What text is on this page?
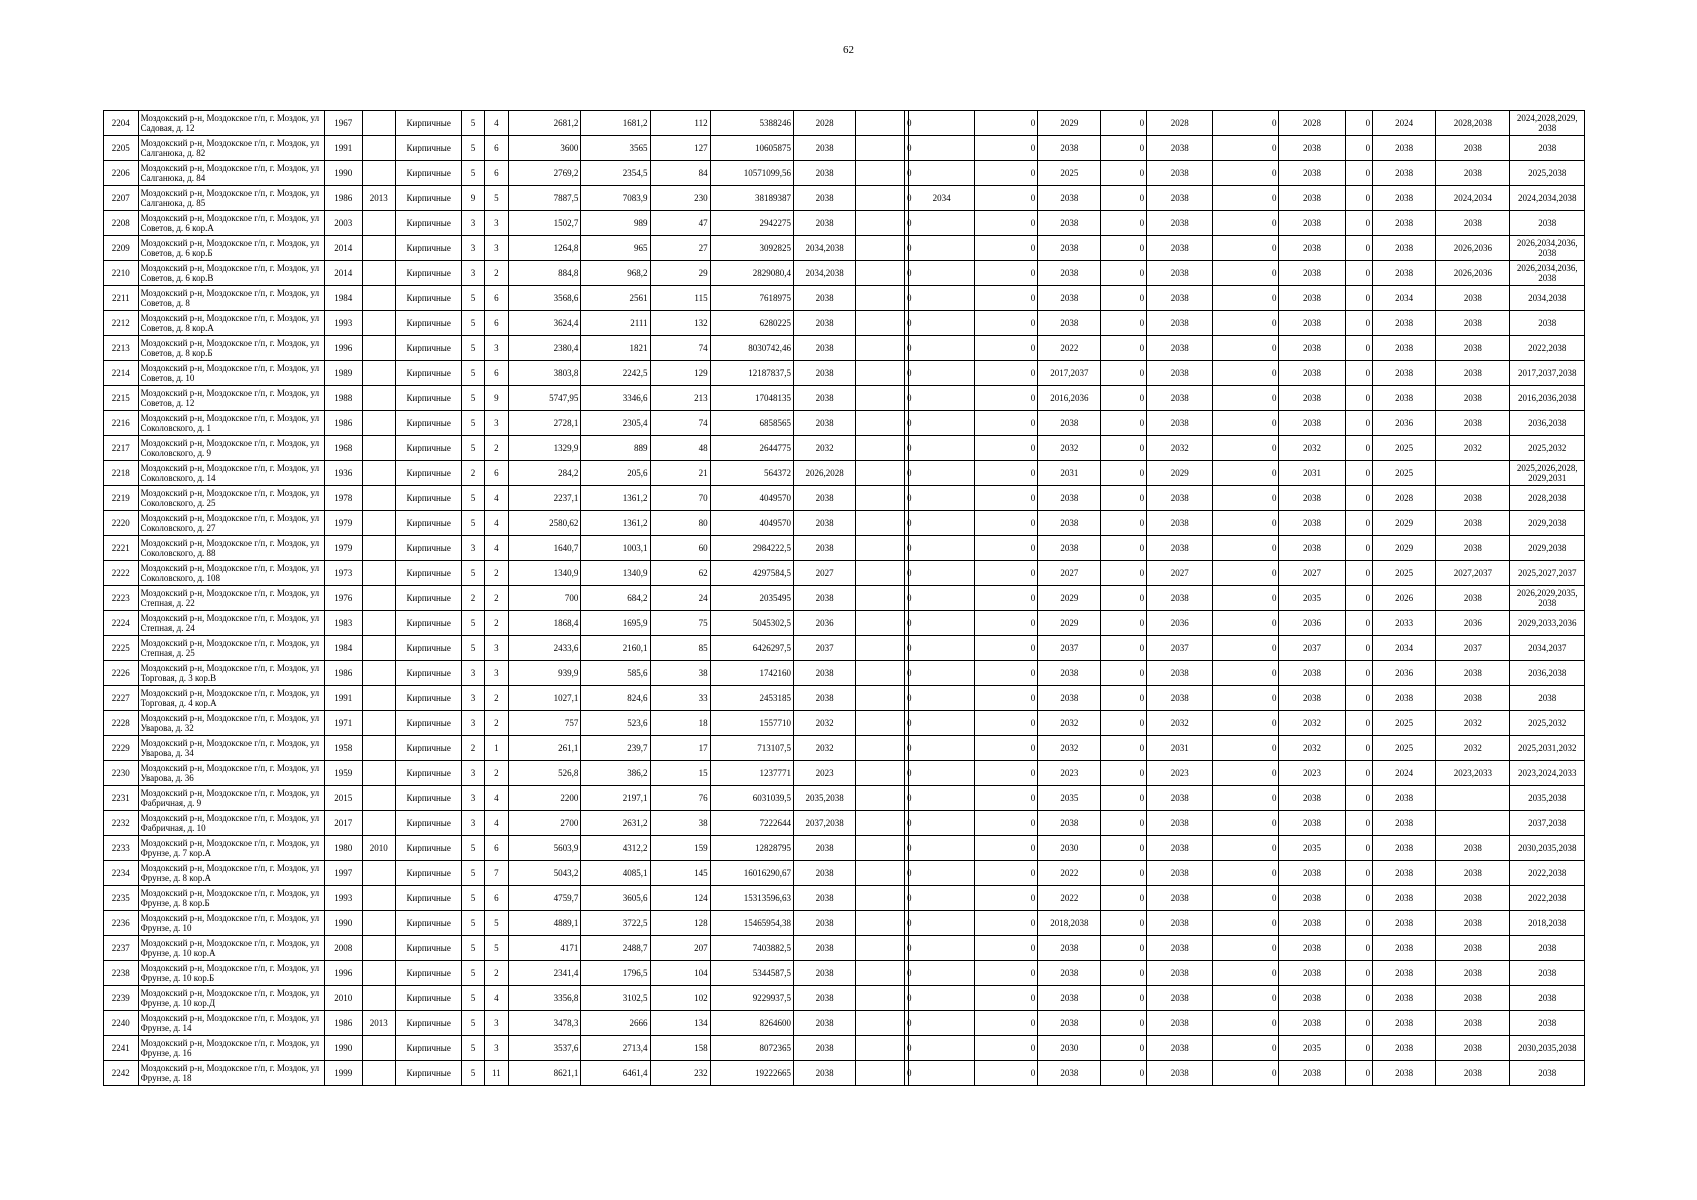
62
2204	Моздокский р-н, Моздокское г/п, г. Моздок, ул Садовая, д. 12	1967		Кирпичные	5	4	2681,2	1681,2	112	5388246	2028		0		0	2029	0	2028	0	2028	0	2024	2028,2038	2024,2028,2029, 2038
2205	Моздокский р-н, Моздокское г/п, г. Моздок, ул Салганюка, д. 82	1991		Кирпичные	5	6	3600	3565	127	10605875	2038		0		0	2038	0	2038	0	2038	0	2038	2038	2038
2206	Моздокский р-н, Моздокское г/п, г. Моздок, ул Салганюка, д. 84	1990		Кирпичные	5	6	2769,2	2354,5	84	10571099,56	2038		0		0	2025	0	2038	0	2038	0	2038	2038	2025,2038
2207	Моздокский р-н, Моздокское г/п, г. Моздок, ул Салганюка, д. 85	1986	2013	Кирпичные	9	5	7887,5	7083,9	230	38189387	2038		0	2034	0	2038	0	2038	0	2038	0	2038	2024,2034	2024,2034,2038
2208	Моздокский р-н, Моздокское г/п, г. Моздок, ул Советов, д. 6 кор.А	2003		Кирпичные	3	3	1502,7	989	47	2942275	2038		0		0	2038	0	2038	0	2038	0	2038	2038	2038
2209	Моздокский р-н, Моздокское г/п, г. Моздок, ул Советов, д. 6 кор.Б	2014		Кирпичные	3	3	1264,8	965	27	3092825	2034,2038		0		0	2038	0	2038	0	2038	0	2038	2026,2036	2026,2034,2036, 2038
2210	Моздокский р-н, Моздокское г/п, г. Моздок, ул Советов, д. 6 кор.В	2014		Кирпичные	3	2	884,8	968,2	29	2829080,4	2034,2038		0		0	2038	0	2038	0	2038	0	2038	2026,2036	2026,2034,2036, 2038
2211	Моздокский р-н, Моздокское г/п, г. Моздок, ул Советов, д. 8	1984		Кирпичные	5	6	3568,6	2561	115	7618975	2038		0		0	2038	0	2038	0	2038	0	2034	2038	2034,2038
2212	Моздокский р-н, Моздокское г/п, г. Моздок, ул Советов, д. 8 кор.А	1993		Кирпичные	5	6	3624,4	2111	132	6280225	2038		0		0	2038	0	2038	0	2038	0	2038	2038	2038
2213	Моздокский р-н, Моздокское г/п, г. Моздок, ул Советов, д. 8 кор.Б	1996		Кирпичные	5	3	2380,4	1821	74	8030742,46	2038		0		0	2022	0	2038	0	2038	0	2038	2038	2022,2038
2214	Моздокский р-н, Моздокское г/п, г. Моздок, ул Советов, д. 10	1989		Кирпичные	5	6	3803,8	2242,5	129	12187837,5	2038		0		0	2017,2037	0	2038	0	2038	0	2038	2038	2017,2037,2038
2215	Моздокский р-н, Моздокское г/п, г. Моздок, ул Советов, д. 12	1988		Кирпичные	5	9	5747,95	3346,6	213	17048135	2038		0		0	2016,2036	0	2038	0	2038	0	2038	2038	2016,2036,2038
2216	Моздокский р-н, Моздокское г/п, г. Моздок, ул Соколовского, д. 1	1986		Кирпичные	5	3	2728,1	2305,4	74	6858565	2038		0		0	2038	0	2038	0	2038	0	2036	2038	2036,2038
2217	Моздокский р-н, Моздокское г/п, г. Моздок, ул Соколовского, д. 9	1968		Кирпичные	5	2	1329,9	889	48	2644775	2032		0		0	2032	0	2032	0	2032	0	2025	2032	2025,2032
2218	Моздокский р-н, Моздокское г/п, г. Моздок, ул Соколовского, д. 14	1936		Кирпичные	2	6	284,2	205,6	21	564372	2026,2028		0		0	2031	0	2029	0	2031	0	2025		2025,2026,2028, 2029,2031
2219	Моздокский р-н, Моздокское г/п, г. Моздок, ул Соколовского, д. 25	1978		Кирпичные	5	4	2237,1	1361,2	70	4049570	2038		0		0	2038	0	2038	0	2038	0	2028	2038	2028,2038
2220	Моздокский р-н, Моздокское г/п, г. Моздок, ул Соколовского, д. 27	1979		Кирпичные	5	4	2580,62	1361,2	80	4049570	2038		0		0	2038	0	2038	0	2038	0	2029	2038	2029,2038
2221	Моздокский р-н, Моздокское г/п, г. Моздок, ул Соколовского, д. 88	1979		Кирпичные	3	4	1640,7	1003,1	60	2984222,5	2038		0		0	2038	0	2038	0	2038	0	2029	2038	2029,2038
2222	Моздокский р-н, Моздокское г/п, г. Моздок, ул Соколовского, д. 108	1973		Кирпичные	5	2	1340,9	1340,9	62	4297584,5	2027		0		0	2027	0	2027	0	2027	0	2025	2027,2037	2025,2027,2037
2223	Моздокский р-н, Моздокское г/п, г. Моздок, ул Степная, д. 22	1976		Кирпичные	2	2	700	684,2	24	2035495	2038		0		0	2029	0	2038	0	2035	0	2026	2038	2026,2029,2035, 2038
2224	Моздокский р-н, Моздокское г/п, г. Моздок, ул Степная, д. 24	1983		Кирпичные	5	2	1868,4	1695,9	75	5045302,5	2036		0		0	2029	0	2036	0	2036	0	2033	2036	2029,2033,2036
2225	Моздокский р-н, Моздокское г/п, г. Моздок, ул Степная, д. 25	1984		Кирпичные	5	3	2433,6	2160,1	85	6426297,5	2037		0		0	2037	0	2037	0	2037	0	2034	2037	2034,2037
2226	Моздокский р-н, Моздокское г/п, г. Моздок, ул Торговая, д. 3 кор.В	1986		Кирпичные	3	3	939,9	585,6	38	1742160	2038		0		0	2038	0	2038	0	2038	0	2036	2038	2036,2038
2227	Моздокский р-н, Моздокское г/п, г. Моздок, ул Торговая, д. 4 кор.А	1991		Кирпичные	3	2	1027,1	824,6	33	2453185	2038		0		0	2038	0	2038	0	2038	0	2038	2038	2038
2228	Моздокский р-н, Моздокское г/п, г. Моздок, ул Уварова, д. 32	1971		Кирпичные	3	2	757	523,6	18	1557710	2032		0		0	2032	0	2032	0	2032	0	2025	2032	2025,2032
2229	Моздокский р-н, Моздокское г/п, г. Моздок, ул Уварова, д. 34	1958		Кирпичные	2	1	261,1	239,7	17	713107,5	2032		0		0	2032	0	2031	0	2032	0	2025	2032	2025,2031,2032
2230	Моздокский р-н, Моздокское г/п, г. Моздок, ул Уварова, д. 36	1959		Кирпичные	3	2	526,8	386,2	15	1237771	2023		0		0	2023	0	2023	0	2023	0	2024	2023,2033	2023,2024,2033
2231	Моздокский р-н, Моздокское г/п, г. Моздок, ул Фабричная, д. 9	2015		Кирпичные	3	4	2200	2197,1	76	6031039,5	2035,2038		0		0	2035	0	2038	0	2038	0	2038		2035,2038
2232	Моздокский р-н, Моздокское г/п, г. Моздок, ул Фабричная, д. 10	2017		Кирпичные	3	4	2700	2631,2	38	7222644	2037,2038		0		0	2038	0	2038	0	2038	0	2038		2037,2038
2233	Моздокский р-н, Моздокское г/п, г. Моздок, ул Фрунзе, д. 7 кор.А	1980	2010	Кирпичные	5	6	5603,9	4312,2	159	12828795	2038		0		0	2030	0	2038	0	2035	0	2038	2038	2030,2035,2038
2234	Моздокский р-н, Моздокское г/п, г. Моздок, ул Фрунзе, д. 8 кор.А	1997		Кирпичные	5	7	5043,2	4085,1	145	16016290,67	2038		0		0	2022	0	2038	0	2038	0	2038	2038	2022,2038
2235	Моздокский р-н, Моздокское г/п, г. Моздок, ул Фрунзе, д. 8 кор.Б	1993		Кирпичные	5	6	4759,7	3605,6	124	15313596,63	2038		0		0	2022	0	2038	0	2038	0	2038	2038	2022,2038
2236	Моздокский р-н, Моздокское г/п, г. Моздок, ул Фрунзе, д. 10	1990		Кирпичные	5	5	4889,1	3722,5	128	15465954,38	2038		0		0	2018,2038	0	2038	0	2038	0	2038	2038	2018,2038
2237	Моздокский р-н, Моздокское г/п, г. Моздок, ул Фрунзе, д. 10 кор.А	2008		Кирпичные	5	5	4171	2488,7	207	7403882,5	2038		0		0	2038	0	2038	0	2038	0	2038	2038	2038
2238	Моздокский р-н, Моздокское г/п, г. Моздок, ул Фрунзе, д. 10 кор.Б	1996		Кирпичные	5	2	2341,4	1796,5	104	5344587,5	2038		0		0	2038	0	2038	0	2038	0	2038	2038	2038
2239	Моздокский р-н, Моздокское г/п, г. Моздок, ул Фрунзе, д. 10 кор.Д	2010		Кирпичные	5	4	3356,8	3102,5	102	9229937,5	2038		0		0	2038	0	2038	0	2038	0	2038	2038	2038
2240	Моздокский р-н, Моздокское г/п, г. Моздок, ул Фрунзе, д. 14	1986	2013	Кирпичные	5	3	3478,3	2666	134	8264600	2038		0		0	2038	0	2038	0	2038	0	2038	2038	2038
2241	Моздокский р-н, Моздокское г/п, г. Моздок, ул Фрунзе, д. 16	1990		Кирпичные	5	3	3537,6	2713,4	158	8072365	2038		0		0	2030	0	2038	0	2035	0	2038	2038	2030,2035,2038
2242	Моздокский р-н, Моздокское г/п, г. Моздок, ул Фрунзе, д. 18	1999		Кирпичные	5	11	8621,1	6461,4	232	19222665	2038		0		0	2038	0	2038	0	2038	0	2038	2038	2038
